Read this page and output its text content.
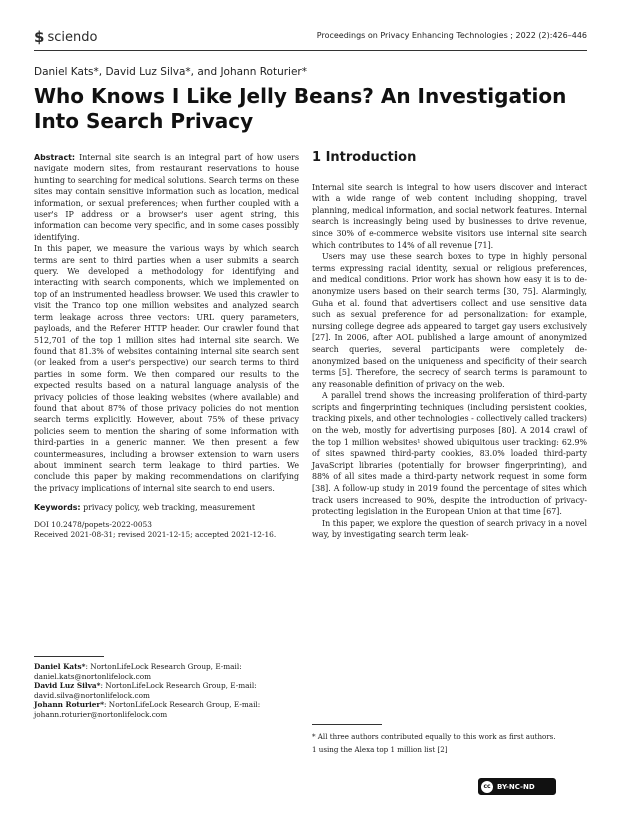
$ sciendo	Proceedings on Privacy Enhancing Technologies ; 2022 (2):426–446
Daniel Kats*, David Luz Silva*, and Johann Roturier*
Who Knows I Like Jelly Beans? An Investigation Into Search Privacy

Abstract: Internal site search is an integral part of how users navigate modern sites, from restaurant reservations to house hunting to searching for medical solutions. Search terms on these sites may contain sensitive information such as location, medical information, or sexual preferences; when further coupled with a user's IP address or a browser's user agent string, this information can become very specific, and in some cases possibly identifying.

In this paper, we measure the various ways by which search terms are sent to third parties when a user submits a search query. We developed a methodology for identifying and interacting with search components, which we implemented on top of an instrumented headless browser. We used this crawler to visit the Tranco top one million websites and analyzed search term leakage across three vectors: URL query parameters, payloads, and the Referer HTTP header. Our crawler found that 512,701 of the top 1 million sites had internal site search. We found that 81.3% of websites containing internal site search sent (or leaked from a user's perspective) our search terms to third parties in some form. We then compared our results to the expected results based on a natural language analysis of the privacy policies of those leaking websites (where available) and found that about 87% of those privacy policies do not mention search terms explicitly. However, about 75% of these privacy policies seem to mention the sharing of some information with third-parties in a generic manner. We then present a few countermeasures, including a browser extension to warn users about imminent search term leakage to third parties. We conclude this paper by making recommendations on clarifying the privacy implications of internal site search to end users.

Keywords: privacy policy, web tracking, measurement

DOI 10.2478/popets-2022-0053
Received 2021-08-31; revised 2021-12-15; accepted 2021-12-16.
1 Introduction

Internal site search is integral to how users discover and interact with a wide range of web content including shopping, travel planning, medical information, and social network features. Internal search is increasingly being used by businesses to drive revenue, since 30% of e-commerce website visitors use internal site search which contributes to 14% of all revenue [71].

Users may use these search boxes to type in highly personal terms expressing racial identity, sexual or religious preferences, and medical conditions. Prior work has shown how easy it is to de-anonymize users based on their search terms [30, 75]. Alarmingly, Guha et al. found that advertisers collect and use sensitive data such as sexual preference for ad personalization: for example, nursing college degree ads appeared to target gay users exclusively [27]. In 2006, after AOL published a large amount of anonymized search queries, several participants were completely de-anonymized based on the uniqueness and specificity of their search terms [5]. Therefore, the secrecy of search terms is paramount to any reasonable definition of privacy on the web.

A parallel trend shows the increasing proliferation of third-party scripts and fingerprinting techniques (including persistent cookies, tracking pixels, and other technologies - collectively called trackers) on the web, mostly for advertising purposes [80]. A 2014 crawl of the top 1 million websites¹ showed ubiquitous user tracking: 62.9% of sites spawned third-party cookies, 83.0% loaded third-party JavaScript libraries (potentially for browser fingerprinting), and 88% of all sites made a third-party network request in some form [38]. A follow-up study in 2019 found the percentage of sites which track users increased to 90%, despite the introduction of privacy-protecting legislation in the European Union at that time [67].

In this paper, we explore the question of search privacy in a novel way, by investigating search term leak-

Daniel Kats*: NortonLifeLock Research Group, E-mail: daniel.kats@nortonlifelock.com

David Luz Silva*: NortonLifeLock Research Group, E-mail: david.silva@nortonlifelock.com

Johann Roturier*: NortonLifeLock Research Group, E-mail: johann.roturier@nortonlifelock.com

* All three authors contributed equally to this work as first authors.

1 using the Alexa top 1 million list [2]

cc BY-NC-ND
